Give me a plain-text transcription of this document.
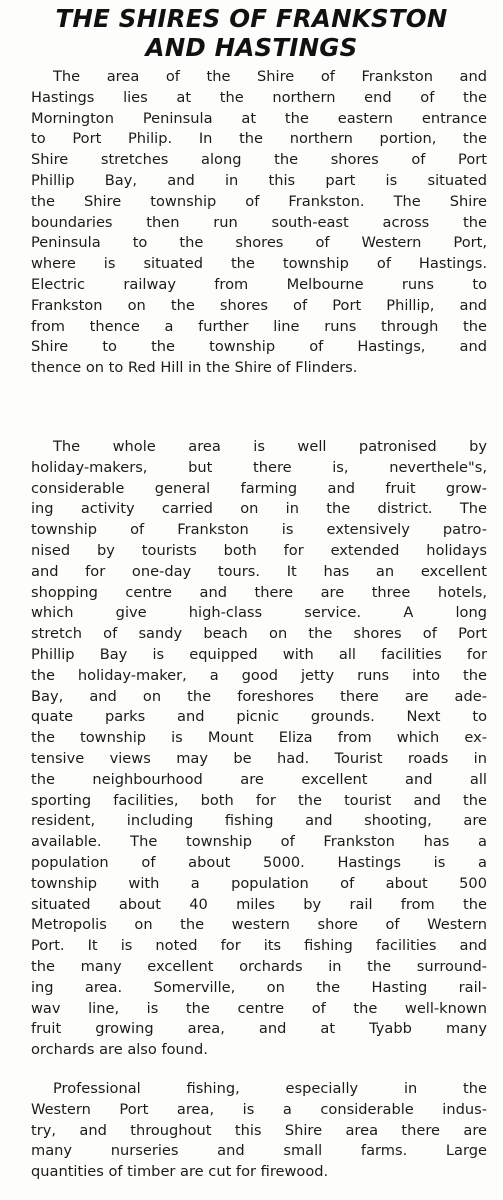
THE SHIRES OF FRANKSTON
AND HASTINGS
The area of the Shire of Frankston and
Hastings lies at the northern end of the
Mornington Peninsula at the eastern entrance
to Port Philip. In the northern portion, the
Shire stretches along the shores of Port
Phillip Bay, and in this part is situated
the Shire township of Frankston. The Shire
boundaries then run south-east across the
Peninsula to the shores of Western Port,
where is situated the township of Hastings.
Electric railway from Melbourne runs to
Frankston on the shores of Port Phillip, and
from thence a further line runs through the
Shire to the township of Hastings, and
thence on to Red Hill in the Shire of Flinders.
The whole area is well patronised by
holiday-makers, but there is, neverthele"s,
considerable general farming and fruit grow-
ing activity carried on in the district. The
township of Frankston is extensively patro-
nised by tourists both for extended holidays
and for one-day tours. It has an excellent
shopping centre and there are three hotels,
which give high-class service. A long
stretch of sandy beach on the shores of Port
Phillip Bay is equipped with all facilities for
the holiday-maker, a good jetty runs into the
Bay, and on the foreshores there are ade-
quate parks and picnic grounds. Next to
the township is Mount Eliza from which ex-
tensive views may be had. Tourist roads in
the neighbourhood are excellent and all
sporting facilities, both for the tourist and the
resident, including fishing and shooting, are
available. The township of Frankston has a
population of about 5000. Hastings is a
township with a population of about 500
situated about 40 miles by rail from the
Metropolis on the western shore of Western
Port. It is noted for its fishing facilities and
the many excellent orchards in the surround-
ing area. Somerville, on the Hasting rail-
wav line, is the centre of the well-known
fruit growing area, and at Tyabb many
orchards are also found.
Professional fishing, especially in the
Western Port area, is a considerable indus-
try, and throughout this Shire area there are
many nurseries and small farms. Large
quantities of timber are cut for firewood.
